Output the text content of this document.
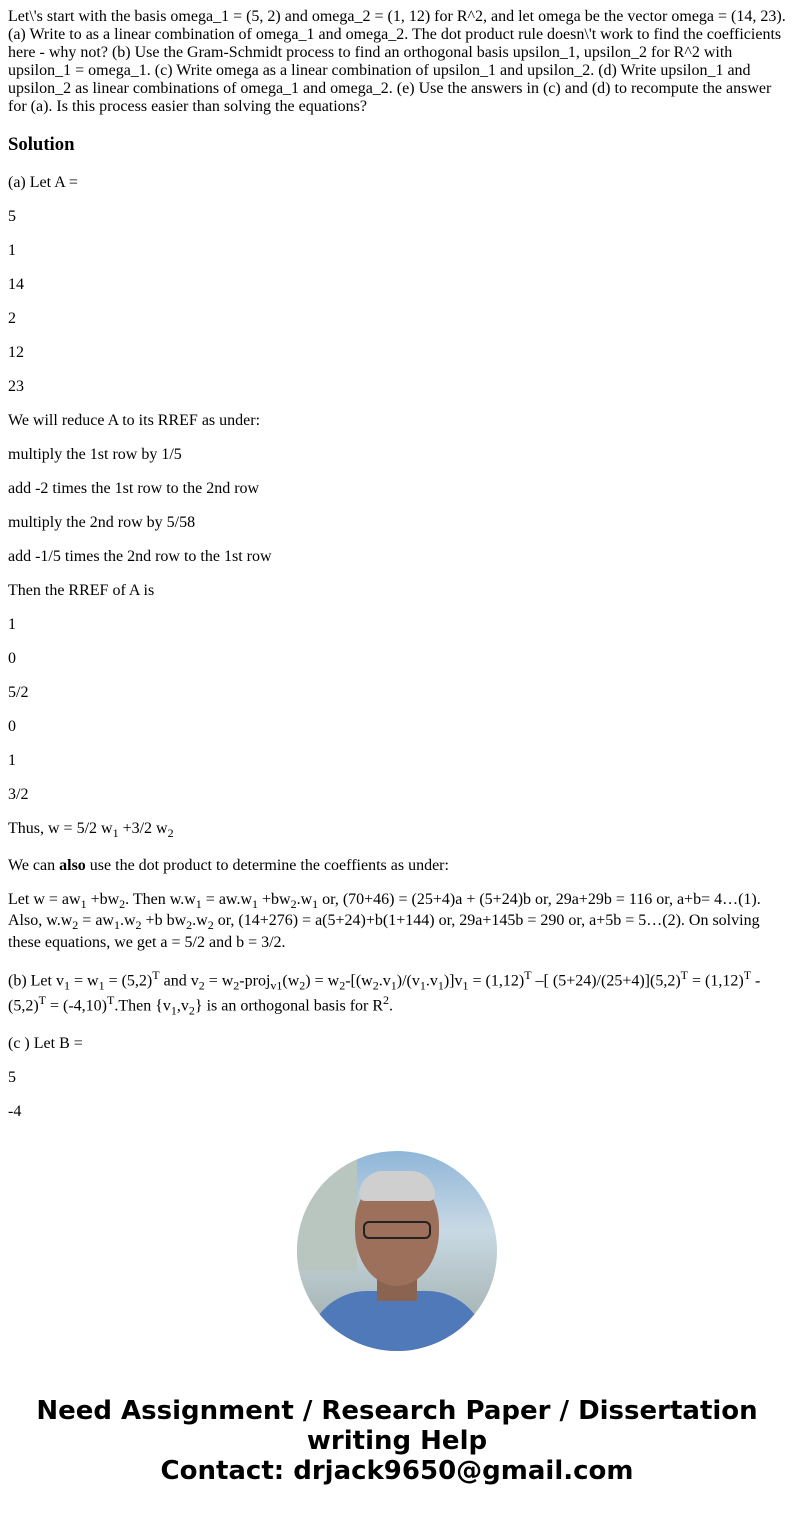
Let\'s start with the basis omega_1 = (5, 2) and omega_2 = (1, 12) for R^2, and let omega be the vector omega = (14, 23). (a) Write to as a linear combination of omega_1 and omega_2. The dot product rule doesn\'t work to find the coefficients here - why not? (b) Use the Gram-Schmidt process to find an orthogonal basis upsilon_1, upsilon_2 for R^2 with upsilon_1 = omega_1. (c) Write omega as a linear combination of upsilon_1 and upsilon_2. (d) Write upsilon_1 and upsilon_2 as linear combinations of omega_1 and omega_2. (e) Use the answers in (c) and (d) to recompute the answer for (a). Is this process easier than solving the equations?

Solution

(a) Let A =

5

1

14

2

12

23

We will reduce A to its RREF as under:

multiply the 1st row by 1/5

add -2 times the 1st row to the 2nd row

multiply the 2nd row by 5/58

add -1/5 times the 2nd row to the 1st row

Then the RREF of A is

1

0

5/2

0

1

3/2

Thus, w = 5/2 $w_1 +3/2$ $w_2$

We can also use the dot product to determine the coeffients as under:

Let $w = aw_1 +bw_2$. Then $w.w_1 = aw.w_1 +bw_2.w_1$ or, (70+46) = (25+4)a + (5+24)b or, 29a+29b = 116 or, a+b= 4…(1). Also, $w.w_2 = aw_1.w_2 +b$ $bw_2.w_2$ or, (14+276) = a(5+24)+b(1+144) or, 29a+145b = 290 or, a+5b = 5…(2). On solving these equations, we get a = 5/2 and b = 3/2.

(b) Let $v_1 = w_1 = (5,2)^T$ and $v_2$ = $w_2-proj_{v1}(w_2) = w_2-[(w_2.v_1)/(v_1.v_1)]v_1 = (1,12)^T$ –[ $(5+24)/(25+4)](5,2)^T = (1,12)^T$ $-(5,2)^T$ = $(-4,10)^T.Then$ $\{v_1,v_2\}$ is an orthogonal basis for $R^2$.

(c ) Let B =

5

-4

Need Assignment / Research Paper / Dissertation writing Help
Contact: drjack9650@gmail.com
